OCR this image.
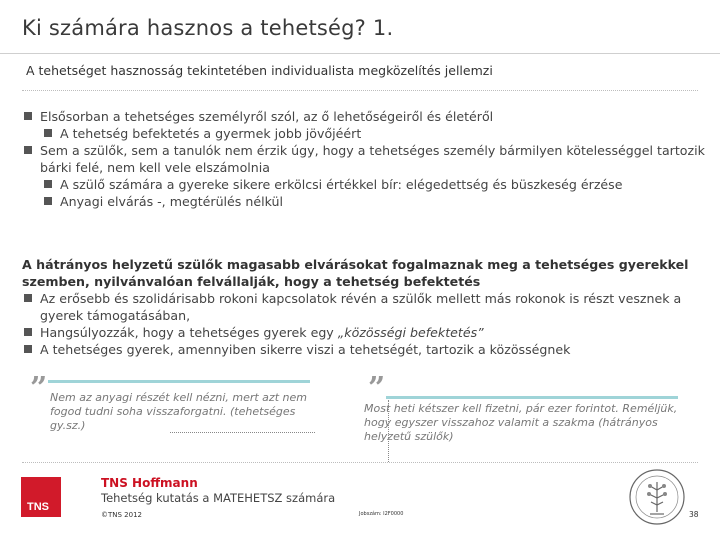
Ki számára hasznos a tehetség? 1.
A tehetséget hasznosság tekintetében individualista megközelítés jellemzi
Elsősorban a tehetséges személyről szól, az ő lehetőségeiről és életéről
A tehetség befektetés a gyermek jobb jövőjéért
Sem a szülők, sem a tanulók nem érzik úgy, hogy a tehetséges személy bármilyen kötelességgel tartozik bárki felé, nem kell vele elszámolnia
A szülő számára a gyereke sikere erkölcsi értékkel bír: elégedettség és büszkeség érzése
Anyagi elvárás -, megtérülés nélkül
A hátrányos helyzetű szülők magasabb elvárásokat fogalmaznak meg a tehetséges gyerekkel szemben, nyilvánvalóan felvállalják, hogy a tehetség befektetés
Az erősebb és szolidárisabb rokoni kapcsolatok révén a szülők mellett más rokonok is részt vesznek a gyerek támogatásában,
Hangsúlyozzák, hogy a tehetséges gyerek egy „közösségi befektetés”
A tehetséges gyerek, amennyiben sikerre viszi a tehetségét, tartozik a közösségnek
” Nem az anyagi részét kell nézni, mert azt nem fogod tudni soha visszaforgatni. (tehetséges gy.sz.)
”
Most heti kétszer kell fizetni, pár ezer forintot. Reméljük, hogy egyszer visszahoz valamit a szakma (hátrányos helyzetű szülők)
TNS
TNS Hoffmann
Tehetség kutatás a MATEHETSZ számára
©TNS 2012	Jobszám: I2F0000	38
